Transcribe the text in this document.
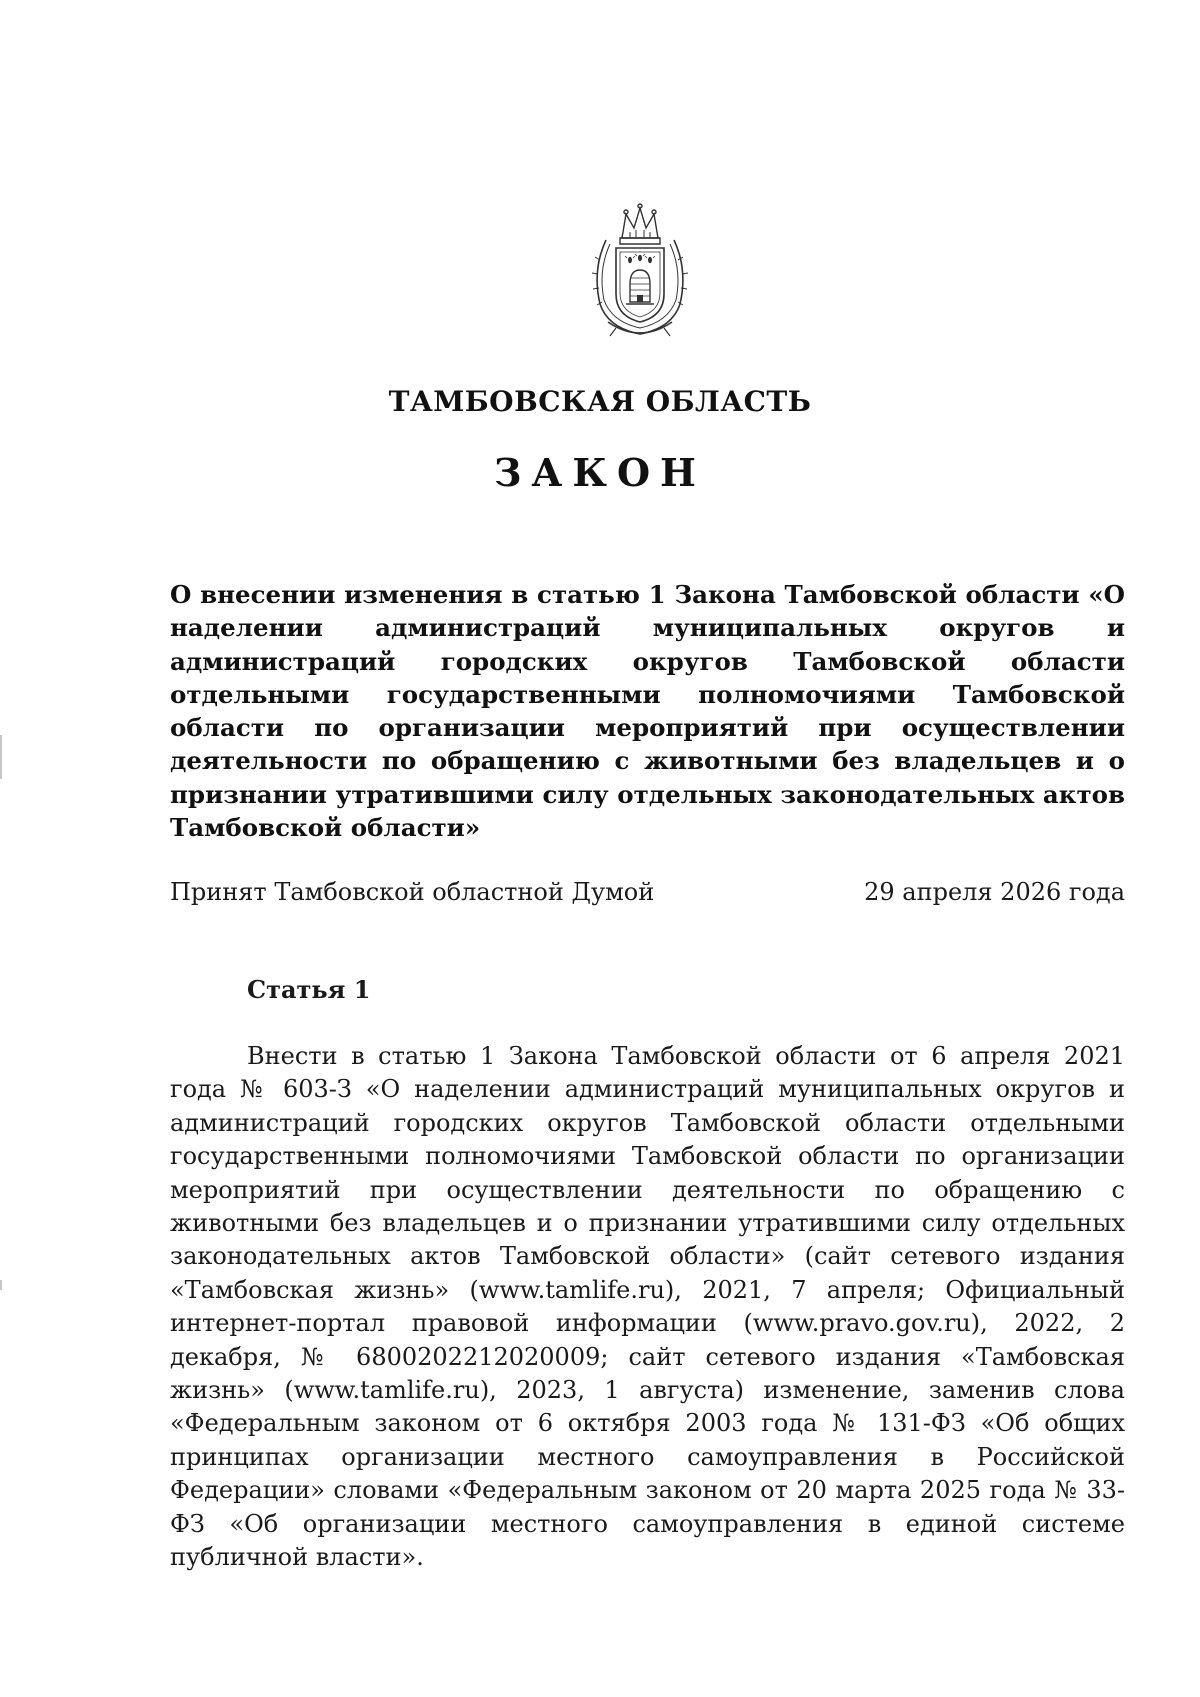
ТАМБОВСКАЯ ОБЛАСТЬ
ЗАКОН
О внесении изменения в статью 1 Закона Тамбовской области «О наделении администраций муниципальных округов и администраций городских округов Тамбовской области отдельными государственными полномочиями Тамбовской области по организации мероприятий при осуществлении деятельности по обращению с животными без владельцев и о признании утратившими силу отдельных законодательных актов Тамбовской области»
Принят Тамбовской областной Думой	29 апреля 2026 года
Статья 1
Внести в статью 1 Закона Тамбовской области от 6 апреля 2021 года № 603-З «О наделении администраций муниципальных округов и администраций городских округов Тамбовской области отдельными государственными полномочиями Тамбовской области по организации мероприятий при осуществлении деятельности по обращению с животными без владельцев и о признании утратившими силу отдельных законодательных актов Тамбовской области» (сайт сетевого издания «Тамбовская жизнь» (www.tamlife.ru), 2021, 7 апреля; Официальный интернет-портал правовой информации (www.pravo.gov.ru), 2022, 2 декабря, № 6800202212020009; сайт сетевого издания «Тамбовская жизнь» (www.tamlife.ru), 2023, 1 августа) изменение, заменив слова «Федеральным законом от 6 октября 2003 года № 131-ФЗ «Об общих принципах организации местного самоуправления в Российской Федерации» словами «Федеральным законом от 20 марта 2025 года № 33-ФЗ «Об организации местного самоуправления в единой системе публичной власти».
